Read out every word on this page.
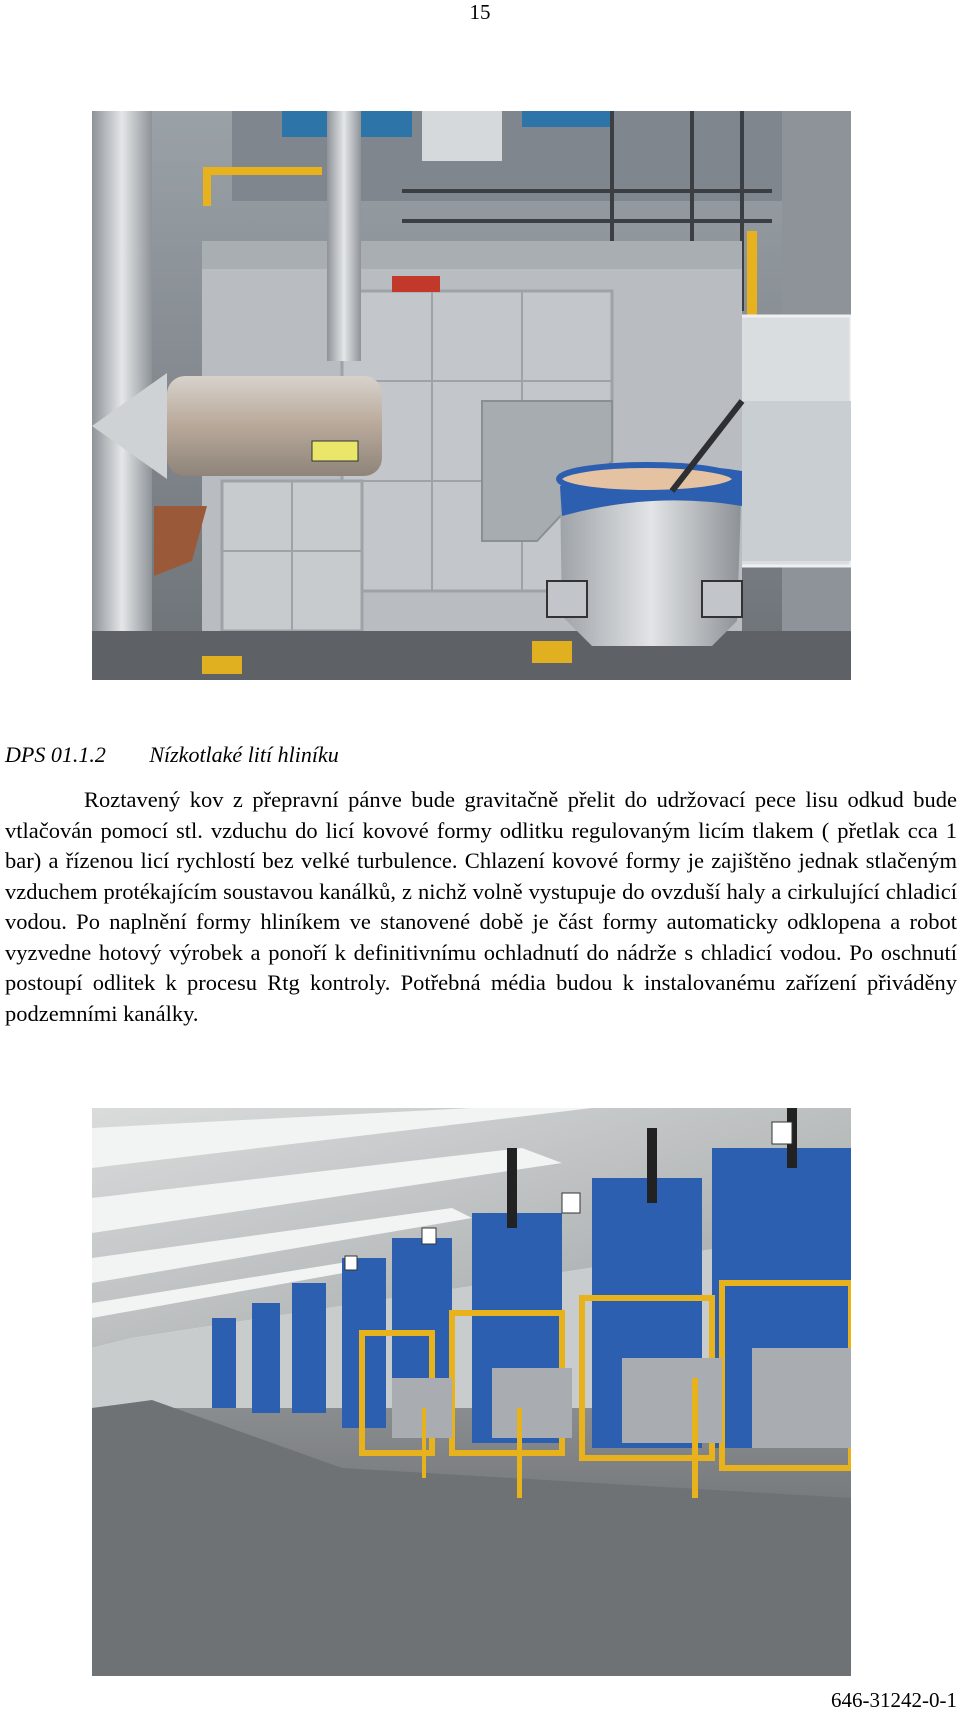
15
DPS 01.1.2 Nízkotlaké lití hliníku

Roztavený kov z přepravní pánve bude gravitačně přelit do udržovací pece lisu odkud bude vtlačován pomocí stl. vzduchu do licí kovové formy odlitku regulovaným licím tlakem ( přetlak cca 1 bar) a řízenou licí rychlostí bez velké turbulence. Chlazení kovové formy je zajištěno jednak stlačeným vzduchem protékajícím soustavou kanálků, z nichž volně vystupuje do ovzduší haly a cirkulující chladicí vodou. Po naplnění formy hliníkem ve stanovené době je část formy automaticky odklopena a robot vyzvedne hotový výrobek a ponoří k definitivnímu ochladnutí do nádrže s chladicí vodou. Po oschnutí postoupí odlitek k procesu Rtg kontroly. Potřebná média budou k instalovanému zařízení přiváděny podzemními kanálky.

646-31242-0-1
